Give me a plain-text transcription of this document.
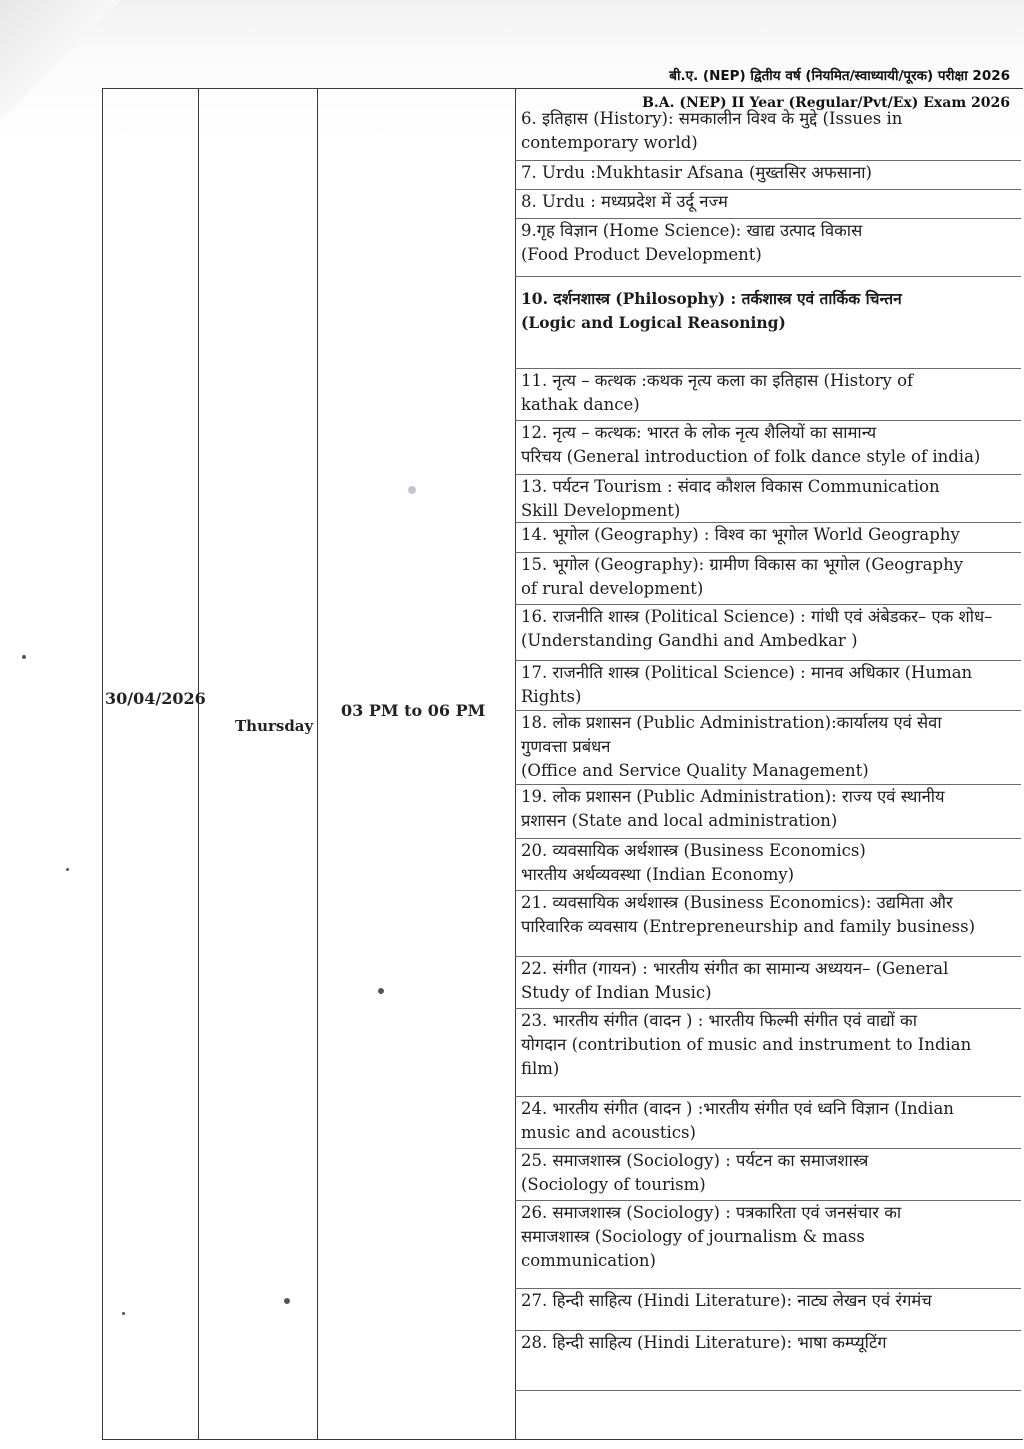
बी.ए. (NEP) द्वितीय वर्ष (नियमित/स्वाध्यायी/पूरक) परीक्षा 2026
B.A. (NEP) II Year (Regular/Pvt/Ex) Exam 2026
30/04/2026
Thursday
03 PM to 06 PM
6. इतिहास (History): समकालीन विश्व के मुद्दे (Issues in
contemporary world)
7. Urdu :Mukhtasir Afsana (मुख्तसिर अफसाना)
8. Urdu : मध्यप्रदेश में उर्दू नज्म
9.गृह विज्ञान (Home Science): खाद्य उत्पाद विकास
(Food Product Development)
10. दर्शनशास्त्र (Philosophy) : तर्कशास्त्र एवं तार्किक चिन्तन
(Logic and Logical Reasoning)
11. नृत्य – कत्थक :कथक नृत्य कला का इतिहास (History of
kathak dance)
12. नृत्य – कत्थक: भारत के लोक नृत्य शैलियों का सामान्य
परिचय (General introduction of folk dance style of india)
13. पर्यटन Tourism : संवाद कौशल विकास Communication
Skill Development)
14. भूगोल (Geography) : विश्व का भूगोल World Geography
15. भूगोल (Geography): ग्रामीण विकास का भूगोल (Geography
of rural development)
16. राजनीति शास्त्र (Political Science) : गांधी एवं अंबेडकर– एक शोध–
(Understanding Gandhi and Ambedkar )
17. राजनीति शास्त्र (Political Science) : मानव अधिकार (Human
Rights)
18. लोक प्रशासन (Public Administration):कार्यालय एवं सेवा
गुणवत्ता प्रबंधन
(Office and Service Quality Management)
19. लोक प्रशासन (Public Administration): राज्य एवं स्थानीय
प्रशासन (State and local administration)
20. व्यवसायिक अर्थशास्त्र (Business Economics)
भारतीय अर्थव्यवस्था (Indian Economy)
21. व्यवसायिक अर्थशास्त्र (Business Economics): उद्यमिता और
पारिवारिक व्यवसाय (Entrepreneurship and family business)
22. संगीत (गायन) : भारतीय संगीत का सामान्य अध्ययन– (General
Study of Indian Music)
23. भारतीय संगीत (वादन ) : भारतीय फिल्मी संगीत एवं वाद्यों का
योगदान (contribution of music and instrument to Indian
film)
24. भारतीय संगीत (वादन ) :भारतीय संगीत एवं ध्वनि विज्ञान (Indian
music and acoustics)
25. समाजशास्त्र (Sociology) : पर्यटन का समाजशास्त्र
(Sociology of tourism)
26. समाजशास्त्र (Sociology) : पत्रकारिता एवं जनसंचार का
समाजशास्त्र (Sociology of journalism & mass
communication)
27. हिन्दी साहित्य (Hindi Literature): नाट्य लेखन एवं रंगमंच
28. हिन्दी साहित्य (Hindi Literature): भाषा कम्प्यूटिंग
